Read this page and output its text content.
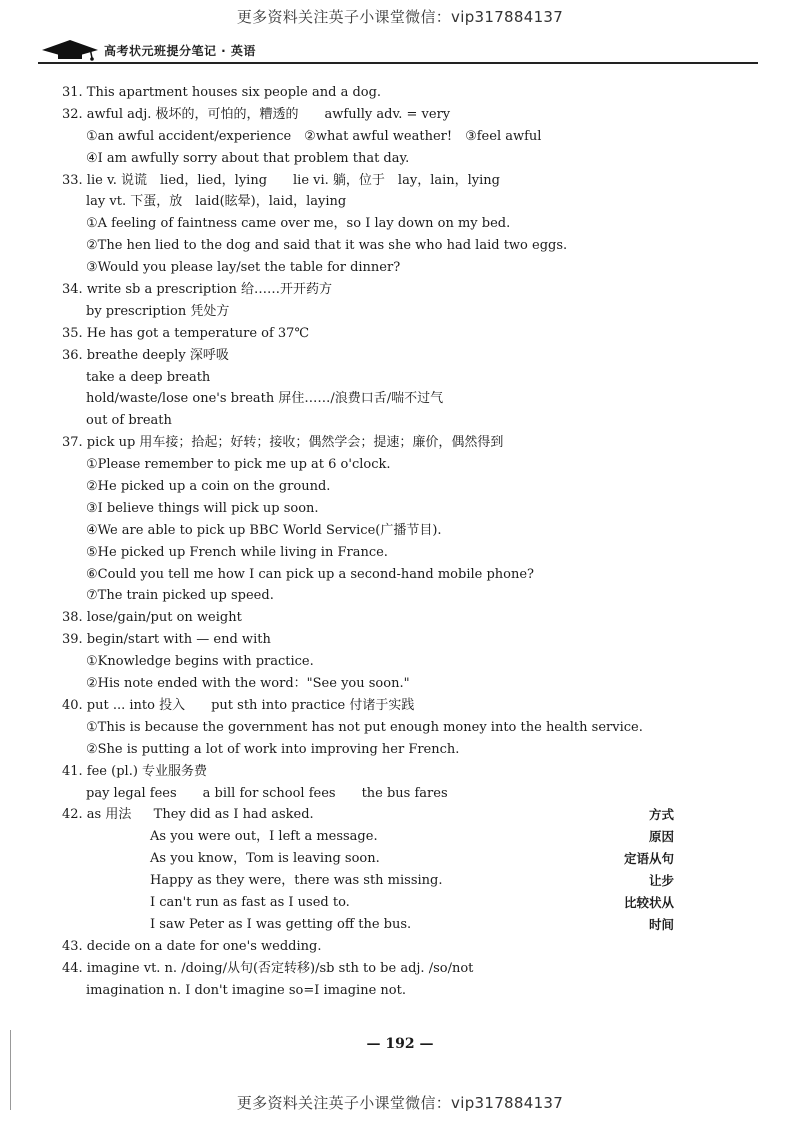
更多资料关注英子小课堂微信：vip317884137
高考状元班提分笔记 · 英语
31. This apartment houses six people and a dog.
32. awful adj. 极坏的，可怕的，糟透的　　awfully adv. = very
①an awful accident/experience　②what awful weather!　③feel awful
④I am awfully sorry about that problem that day.
33. lie v. 说谎　lied，lied，lying　　lie vi. 躺，位于　lay，lain，lying
lay vt. 下蛋，放　laid(眩晕)，laid，laying
①A feeling of faintness came over me，so I lay down on my bed.
②The hen lied to the dog and said that it was she who had laid two eggs.
③Would you please lay/set the table for dinner?
34. write sb a prescription 给……开开药方
by prescription 凭处方
35. He has got a temperature of 37℃
36. breathe deeply 深呼吸
take a deep breath
hold/waste/lose one's breath 屏住……/浪费口舌/喘不过气
out of breath
37. pick up 用车接；拾起；好转；接收；偶然学会；提速；廉价，偶然得到
①Please remember to pick me up at 6 o'clock.
②He picked up a coin on the ground.
③I believe things will pick up soon.
④We are able to pick up BBC World Service(广播节目).
⑤He picked up French while living in France.
⑥Could you tell me how I can pick up a second-hand mobile phone?
⑦The train picked up speed.
38. lose/gain/put on weight
39. begin/start with — end with
①Knowledge begins with practice.
②His note ended with the word："See you soon."
40. put ... into 投入　　put sth into practice 付诸于实践
①This is because the government has not put enough money into the health service.
②She is putting a lot of work into improving her French.
41. fee (pl.) 专业服务费
pay legal fees　　a bill for school fees　　the bus fares
42. as 用法 They did as I had asked.	方式
As you were out，I left a message.	原因
As you know，Tom is leaving soon.	定语从句
Happy as they were，there was sth missing.	让步
I can't run as fast as I used to.	比较状从
I saw Peter as I was getting off the bus.	时间
43. decide on a date for one's wedding.
44. imagine vt. n. /doing/从句(否定转移)/sb sth to be adj. /so/not
imagination n. I don't imagine so=I imagine not.
— 192 —
更多资料关注英子小课堂微信：vip317884137
